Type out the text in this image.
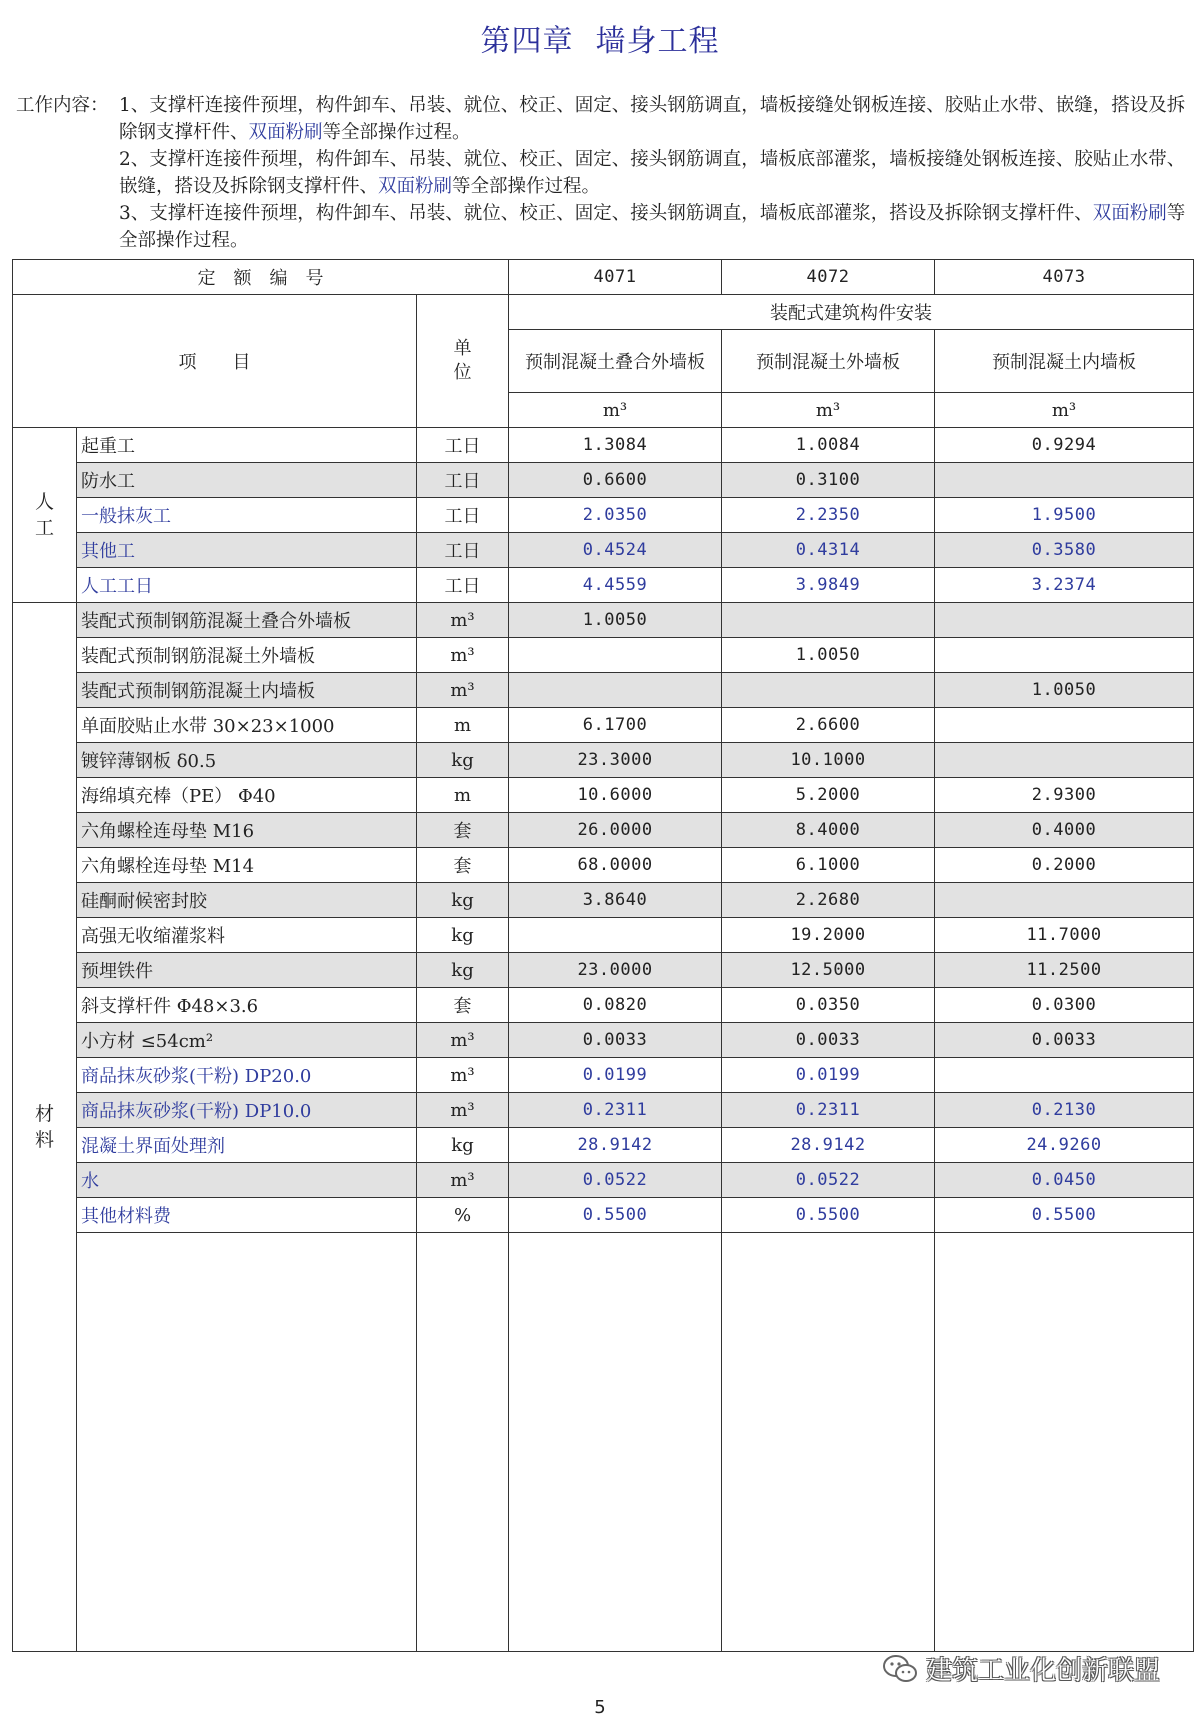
第四章 墙身工程
工作内容： 1、支撑杆连接件预埋，构件卸车、吊装、就位、校正、固定、接头钢筋调直，墙板接缝处钢板连接、胶贴止水带、嵌缝，搭设及拆除钢支撑杆件、双面粉刷等全部操作过程。

2、支撑杆连接件预埋，构件卸车、吊装、就位、校正、固定、接头钢筋调直，墙板底部灌浆，墙板接缝处钢板连接、胶贴止水带、嵌缝，搭设及拆除钢支撑杆件、双面粉刷等全部操作过程。

3、支撑杆连接件预埋，构件卸车、吊装、就位、校正、固定、接头钢筋调直，墙板底部灌浆，搭设及拆除钢支撑杆件、双面粉刷等全部操作过程。

定　额　编　号			4071	4072	4073
项　　目		单位	装配式建筑构件安装		
			预制混凝土叠合外墙板	预制混凝土外墙板	预制混凝土内墙板
			m³	m³	m³

人
工	起重工	工日	1.3084	1.0084	0.9294
	防水工	工日	0.6600	0.3100	
	一般抹灰工	工日	2.0350	2.2350	1.9500
	其他工	工日	0.4524	0.4314	0.3580
	人工工日	工日	4.4559	3.9849	3.2374

材
料	装配式预制钢筋混凝土叠合外墙板	m³	1.0050		
	装配式预制钢筋混凝土外墙板	m³		1.0050	
	装配式预制钢筋混凝土内墙板	m³			1.0050
	单面胶贴止水带 30×23×1000	m	6.1700	2.6600	
	镀锌薄钢板 δ0.5	kg	23.3000	10.1000	
	海绵填充棒（PE） Φ40	m	10.6000	5.2000	2.9300
	六角螺栓连母垫 M16	套	26.0000	8.4000	0.4000
	六角螺栓连母垫 M14	套	68.0000	6.1000	0.2000
	硅酮耐候密封胶	kg	3.8640	2.2680	
	高强无收缩灌浆料	kg		19.2000	11.7000
	预埋铁件	kg	23.0000	12.5000	11.2500
	斜支撑杆件 Φ48×3.6	套	0.0820	0.0350	0.0300
	小方材 ≤54cm²	m³	0.0033	0.0033	0.0033
	商品抹灰砂浆(干粉) DP20.0	m³	0.0199	0.0199	
	商品抹灰砂浆(干粉) DP10.0	m³	0.2311	0.2311	0.2130
	混凝土界面处理剂	kg	28.9142	28.9142	24.9260
	水	m³	0.0522	0.0522	0.0450
	其他材料费	%	0.5500	0.5500	0.5500

建筑工业化创新联盟
5
